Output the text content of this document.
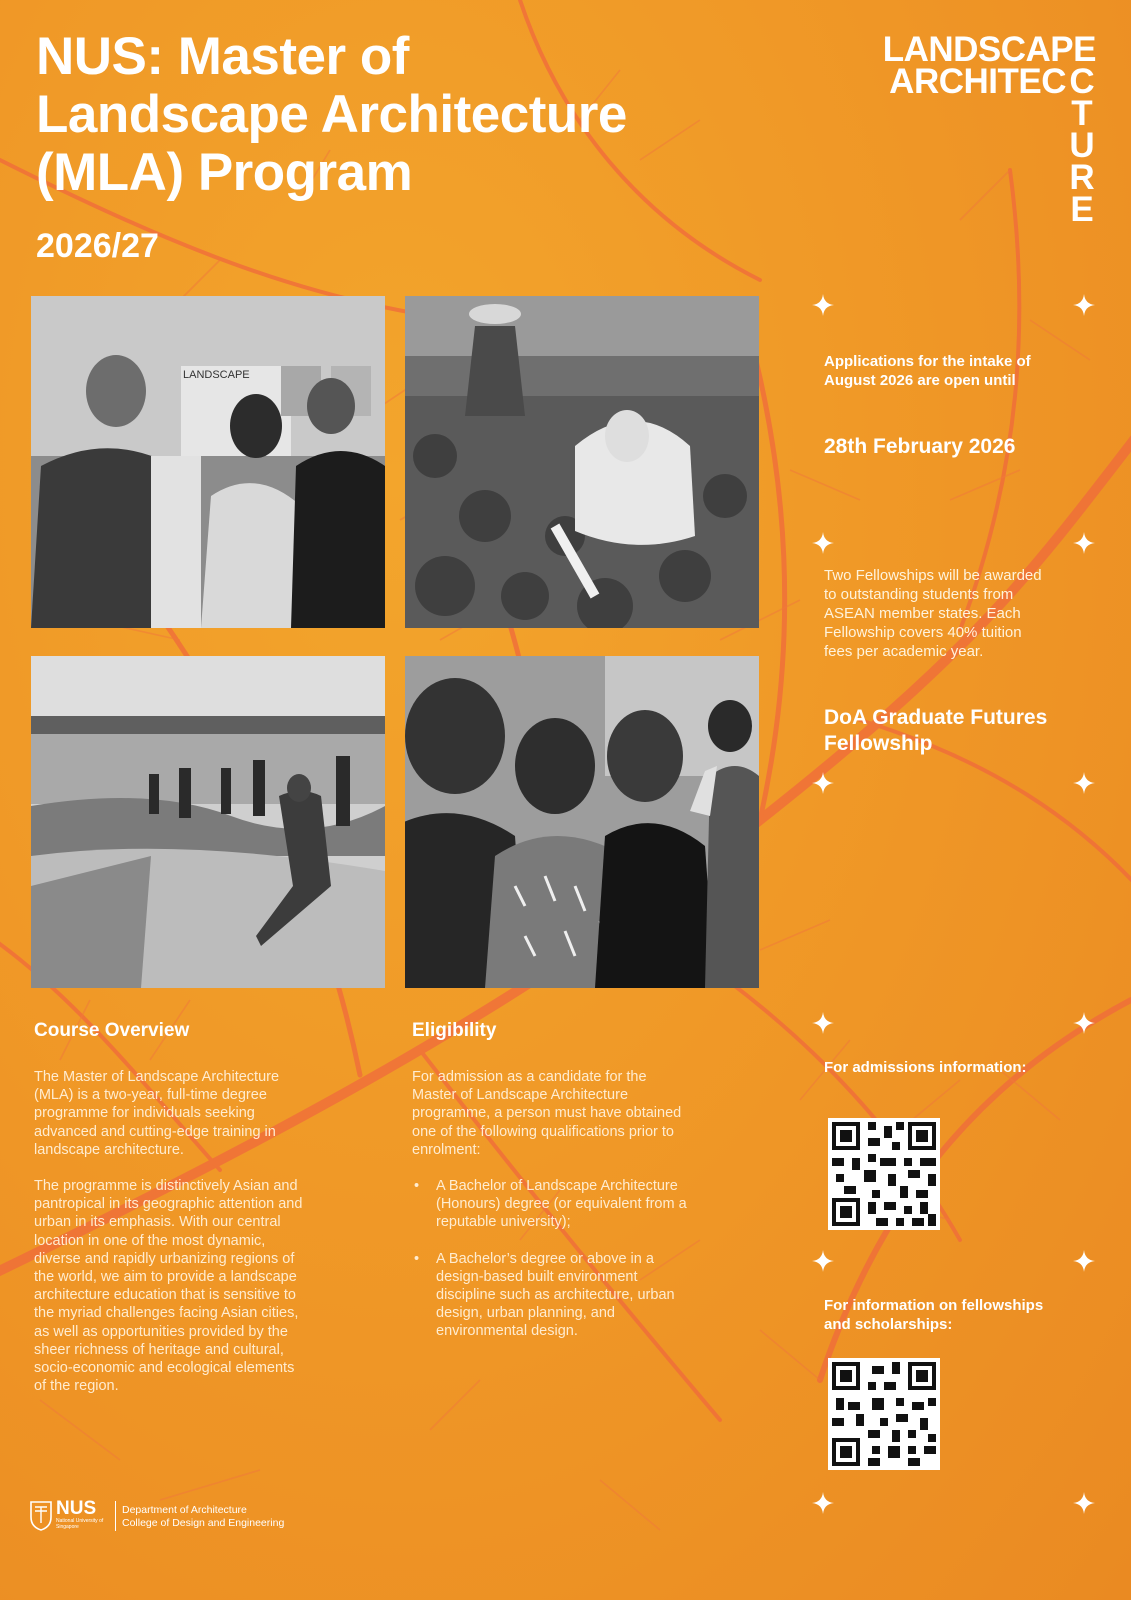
NUS: Master of
Landscape Architecture
(MLA) Program
2026/27
LANDSCAPE
ARCHITEC C
T
U
R
E
LANDSCAPE
Applications for the intake of
August 2026 are open until
28th February 2026
Two Fellowships will be awarded
to outstanding students from
ASEAN member states. Each
Fellowship covers 40% tuition
fees per academic year.
DoA Graduate Futures
Fellowship
Course Overview
The Master of Landscape Architecture
(MLA) is a two-year, full-time degree
programme for individuals seeking
advanced and cutting-edge training in
landscape architecture.
The programme is distinctively Asian and
pantropical in its geographic attention and
urban in its emphasis. With our central
location in one of the most dynamic,
diverse and rapidly urbanizing regions of
the world, we aim to provide a landscape
architecture education that is sensitive to
the myriad challenges facing Asian cities,
as well as opportunities provided by the
sheer richness of heritage and cultural,
socio-economic and ecological elements
of the region.
Eligibility
For admission as a candidate for the
Master of Landscape Architecture
programme, a person must have obtained
one of the following qualifications prior to
enrolment:
• A Bachelor of Landscape Architecture
(Honours) degree (or equivalent from a
reputable university);
• A Bachelor’s degree or above in a
design-based built environment
discipline such as architecture, urban
design, urban planning, and
environmental design.
For admissions information:
For information on fellowships
and scholarships:
NUS
National University of Singapore
Department of Architecture
College of Design and Engineering
